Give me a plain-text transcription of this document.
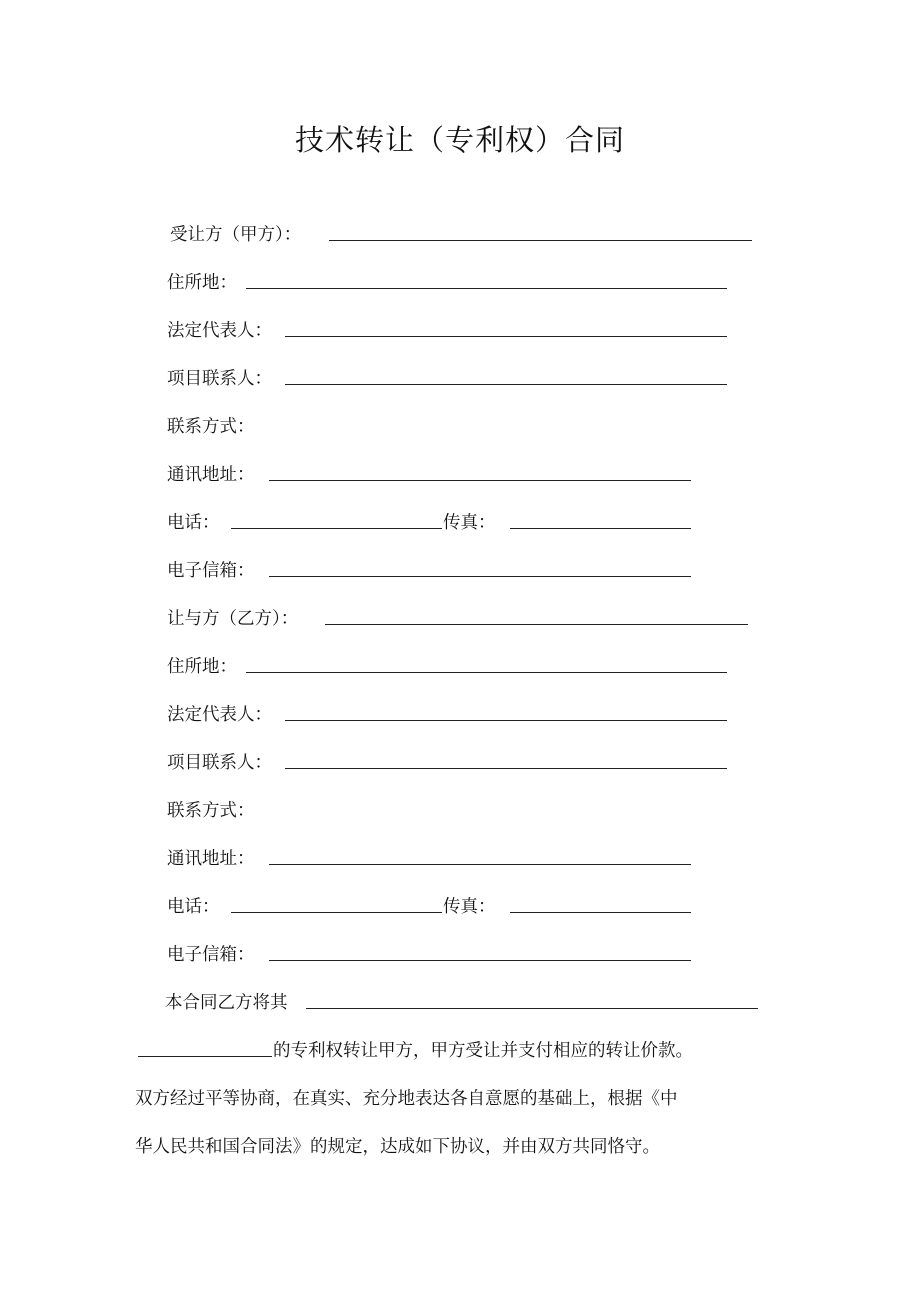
技术转让（专利权）合同
受让方（甲方）：
住所地：
法定代表人：
项目联系人：
联系方式：
通讯地址：
电话：	传真：
电子信箱：
让与方（乙方）：
住所地：
法定代表人：
项目联系人：
联系方式：
通讯地址：
电话：	传真：
电子信箱：
本合同乙方将其
的专利权转让甲方，甲方受让并支付相应的转让价款。
双方经过平等协商，在真实、充分地表达各自意愿的基础上，根据《中
华人民共和国合同法》的规定，达成如下协议，并由双方共同恪守。
